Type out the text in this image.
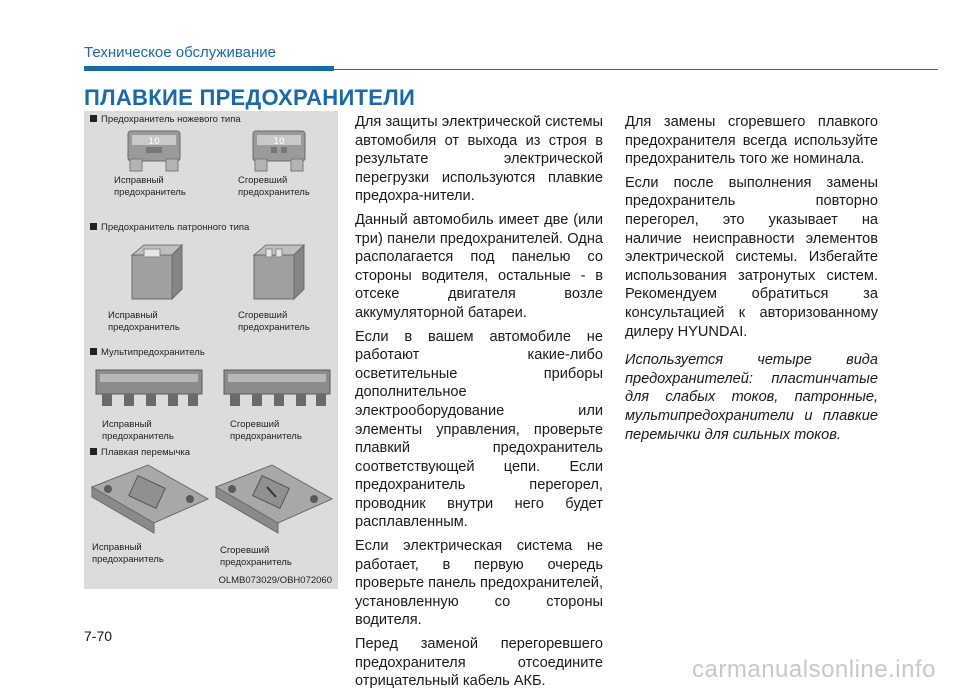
Техническое обслуживание
ПЛАВКИЕ ПРЕДОХРАНИТЕЛИ
Предохранитель ножевого типа
10	10
Исправный предохранитель
Сгоревший предохранитель
Предохранитель патронного типа
Исправный предохранитель
Сгоревший предохранитель
Мультипредохранитель
Исправный предохранитель
Сгоревший предохранитель
Плавкая перемычка
Исправный предохранитель
Сгоревший предохранитель
OLMB073029/OBH072060

Для защиты электрической системы автомобиля от выхода из строя в результате электрической перегрузки используются плавкие предохра-нители.

Данный автомобиль имеет две (или три) панели предохранителей. Одна располагается под панелью со стороны водителя, остальные - в отсеке двигателя возле аккумуляторной батареи.

Если в вашем автомобиле не работают какие-либо осветительные приборы дополнительное электрооборудование или элементы управления, проверьте плавкий предохранитель соответствующей цепи. Если предохранитель перегорел, проводник внутри него будет расплавленным.

Если электрическая система не работает, в первую очередь проверьте панель предохранителей, установленную со стороны водителя.

Перед заменой перегоревшего предохранителя отсоедините отрицательный кабель АКБ.

Для замены сгоревшего плавкого предохранителя всегда используйте предохранитель того же номинала.

Если после выполнения замены предохранитель повторно перегорел, это указывает на наличие неисправности элементов электрической системы. Избегайте использования затронутых систем. Рекомендуем обратиться за консультацией к авторизованному дилеру HYUNDAI.

Используется четыре вида предохранителей: пластинчатые для слабых токов, патронные, мультипредохранители и плавкие перемычки для сильных токов.

7-70
carmanualsonline.info
